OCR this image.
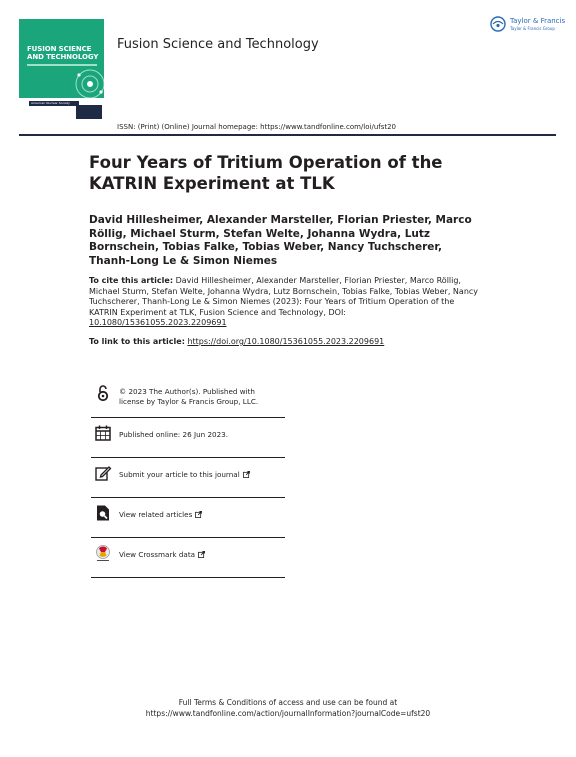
FUSION SCIENCE AND TECHNOLOGY
American Nuclear Society
Fusion Science and Technology
Taylor & Francis
Taylor & Francis Group
ISSN: (Print) (Online) Journal homepage: https://www.tandfonline.com/loi/ufst20
Four Years of Tritium Operation of the KATRIN Experiment at TLK
David Hillesheimer, Alexander Marsteller, Florian Priester, Marco Röllig, Michael Sturm, Stefan Welte, Johanna Wydra, Lutz Bornschein, Tobias Falke, Tobias Weber, Nancy Tuchscherer, Thanh-Long Le & Simon Niemes
To cite this article: David Hillesheimer, Alexander Marsteller, Florian Priester, Marco Röllig, Michael Sturm, Stefan Welte, Johanna Wydra, Lutz Bornschein, Tobias Falke, Tobias Weber, Nancy Tuchscherer, Thanh-Long Le & Simon Niemes (2023): Four Years of Tritium Operation of the KATRIN Experiment at TLK, Fusion Science and Technology, DOI: 10.1080/15361055.2023.2209691
To link to this article: https://doi.org/10.1080/15361055.2023.2209691
© 2023 The Author(s). Published with license by Taylor & Francis Group, LLC.
Published online: 26 Jun 2023.
Submit your article to this journal
View related articles
View Crossmark data
Full Terms & Conditions of access and use can be found at
https://www.tandfonline.com/action/journalInformation?journalCode=ufst20
